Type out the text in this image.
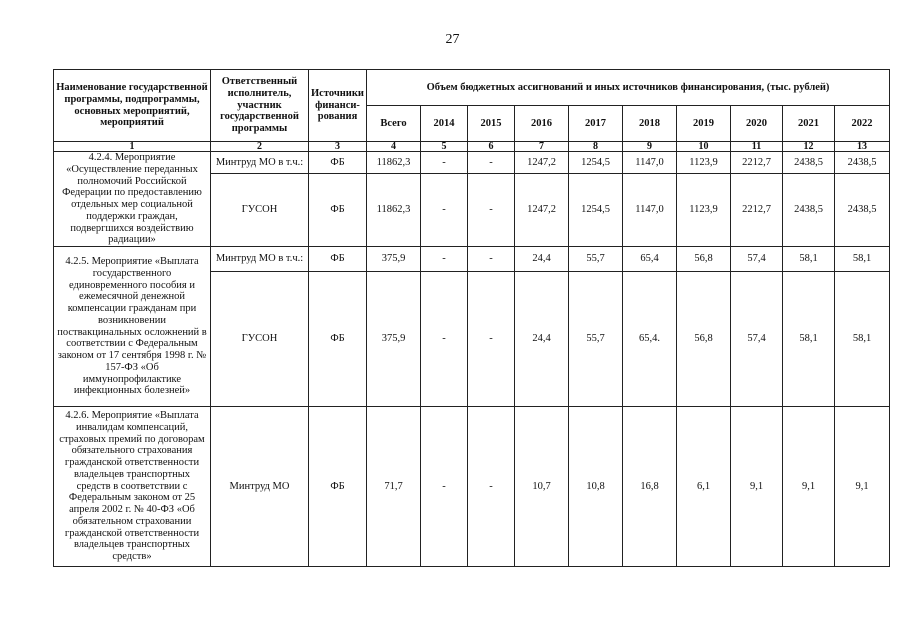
27
Наименование государственной программы, подпрограммы, основных мероприятий, мероприятий	Ответственный исполнитель, участник государственной программы	Источники финанси-рования	Объем бюджетных ассигнований и иных источников финансирования, (тыс. рублей)									
			Всего	2014	2015	2016	2017	2018	2019	2020	2021	2022
1	2	3	4	5	6	7	8	9	10	11	12	13
4.2.4. Мероприятие «Осуществление переданных полномочий Российской Федерации по предоставлению отдельных мер социальной поддержки граждан, подвергшихся воздействию радиации»	Минтруд МО в т.ч.:	ФБ	11862,3	-	-	1247,2	1254,5	1147,0	1123,9	2212,7	2438,5	2438,5
	ГУСОН	ФБ	11862,3	-	-	1247,2	1254,5	1147,0	1123,9	2212,7	2438,5	2438,5
4.2.5. Мероприятие «Выплата государственного единовременного пособия и ежемесячной денежной компенсации гражданам при возникновении поствакцинальных осложнений в соответствии с Федеральным законом от 17 сентября 1998 г. № 157-ФЗ «Об иммунопрофилактике инфекционных болезней»	Минтруд МО в т.ч.:	ФБ	375,9	-	-	24,4	55,7	65,4	56,8	57,4	58,1	58,1
	ГУСОН	ФБ	375,9	-	-	24,4	55,7	65,4.	56,8	57,4	58,1	58,1
4.2.6. Мероприятие «Выплата инвалидам компенсаций, страховых премий по договорам обязательного страхования гражданской ответственности владельцев транспортных средств в соответствии с Федеральным законом от 25 апреля 2002 г. № 40-ФЗ «Об обязательном страховании гражданской ответственности владельцев транспортных средств»	Минтруд МО	ФБ	71,7	-	-	10,7	10,8	16,8	6,1	9,1	9,1	9,1
